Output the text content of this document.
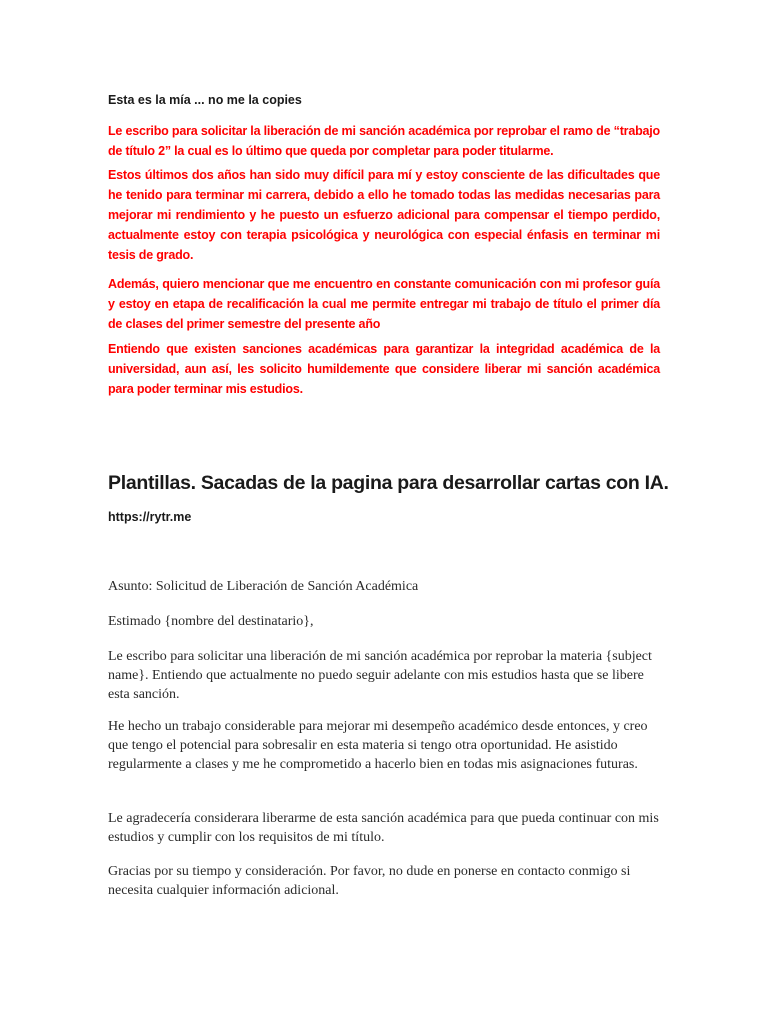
Esta es la mía ... no me la copies

Le escribo para solicitar la liberación de mi sanción académica por reprobar el ramo de “trabajo de título 2” la cual es lo último que queda por completar para poder titularme.

Estos últimos dos años han sido muy difícil para mí y estoy consciente de las dificultades que he tenido para terminar mi carrera, debido a ello he tomado todas las medidas necesarias para mejorar mi rendimiento y he puesto un esfuerzo adicional para compensar el tiempo perdido, actualmente estoy con terapia psicológica y neurológica con especial énfasis en terminar mi tesis de grado.

Además, quiero mencionar que me encuentro en constante comunicación con mi profesor guía y estoy en etapa de recalificación la cual me permite entregar mi trabajo de título el primer día de clases del primer semestre del presente año

Entiendo que existen sanciones académicas para garantizar la integridad académica de la universidad, aun así, les solicito humildemente que considere liberar mi sanción académica para poder terminar mis estudios.

Plantillas. Sacadas de la pagina para desarrollar cartas con IA.
https://rytr.me

Asunto: Solicitud de Liberación de Sanción Académica

Estimado {nombre del destinatario},

Le escribo para solicitar una liberación de mi sanción académica por reprobar la materia {subject name}. Entiendo que actualmente no puedo seguir adelante con mis estudios hasta que se libere esta sanción.

He hecho un trabajo considerable para mejorar mi desempeño académico desde entonces, y creo que tengo el potencial para sobresalir en esta materia si tengo otra oportunidad. He asistido regularmente a clases y me he comprometido a hacerlo bien en todas mis asignaciones futuras.

Le agradecería considerara liberarme de esta sanción académica para que pueda continuar con mis estudios y cumplir con los requisitos de mi título.

Gracias por su tiempo y consideración. Por favor, no dude en ponerse en contacto conmigo si necesita cualquier información adicional.
